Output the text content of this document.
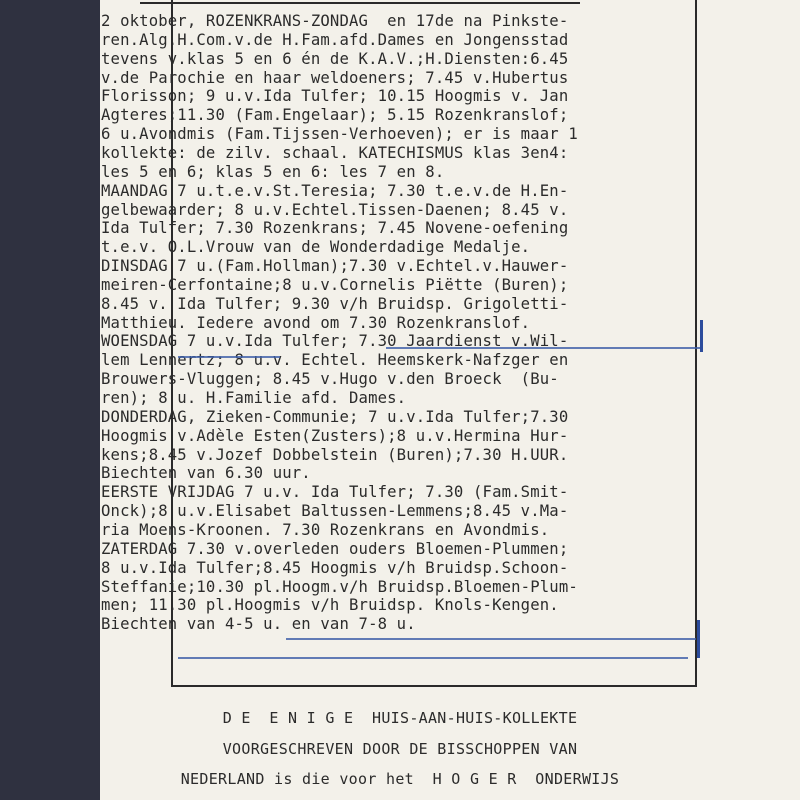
2 oktober, ROZENKRANS-ZONDAG  en 17de na Pinkste-
ren.Alg.H.Com.v.de H.Fam.afd.Dames en Jongensstad
tevens v.klas 5 en 6 én de K.A.V.;H.Diensten:6.45
v.de Parochie en haar weldoeners; 7.45 v.Hubertus
Florisson; 9 u.v.Ida Tulfer; 10.15 Hoogmis v. Jan
Agteres;11.30 (Fam.Engelaar); 5.15 Rozenkranslof;
6 u.Avondmis (Fam.Tijssen-Verhoeven); er is maar 1
kollekte: de zilv. schaal. KATECHISMUS klas 3en4:
les 5 en 6; klas 5 en 6: les 7 en 8.
MAANDAG 7 u.t.e.v.St.Teresia; 7.30 t.e.v.de H.En-
gelbewaarder; 8 u.v.Echtel.Tissen-Daenen; 8.45 v.
Ida Tulfer; 7.30 Rozenkrans; 7.45 Novene-oefening
t.e.v. O.L.Vrouw van de Wonderdadige Medalje.
DINSDAG 7 u.(Fam.Hollman);7.30 v.Echtel.v.Hauwer-
meiren-Cerfontaine;8 u.v.Cornelis Piëtte (Buren);
8.45 v. Ida Tulfer; 9.30 v/h Bruidsp. Grigoletti-
Matthieu. Iedere avond om 7.30 Rozenkranslof.
WOENSDAG 7 u.v.Ida Tulfer; 7.30 Jaardienst v.Wil-
lem Lennertz; 8 u.v. Echtel. Heemskerk-Nafzger en
Brouwers-Vluggen; 8.45 v.Hugo v.den Broeck  (Bu-
ren); 8 u. H.Familie afd. Dames.
DONDERDAG, Zieken-Communie; 7 u.v.Ida Tulfer;7.30
Hoogmis v.Adèle Esten(Zusters);8 u.v.Hermina Hur-
kens;8.45 v.Jozef Dobbelstein (Buren);7.30 H.UUR.
Biechten van 6.30 uur.
EERSTE VRIJDAG 7 u.v. Ida Tulfer; 7.30 (Fam.Smit-
Onck);8 u.v.Elisabet Baltussen-Lemmens;8.45 v.Ma-
ria Moens-Kroonen. 7.30 Rozenkrans en Avondmis.
ZATERDAG 7.30 v.overleden ouders Bloemen-Plummen;
8 u.v.Ida Tulfer;8.45 Hoogmis v/h Bruidsp.Schoon-
Steffanie;10.30 pl.Hoogm.v/h Bruidsp.Bloemen-Plum-
men; 11.30 pl.Hoogmis v/h Bruidsp. Knols-Kengen.
Biechten van 4-5 u. en van 7-8 u.
D E  E N I G E  HUIS-AAN-HUIS-KOLLEKTE
VOORGESCHREVEN DOOR DE BISSCHOPPEN VAN
NEDERLAND is die voor het  H O G E R  ONDERWIJS
